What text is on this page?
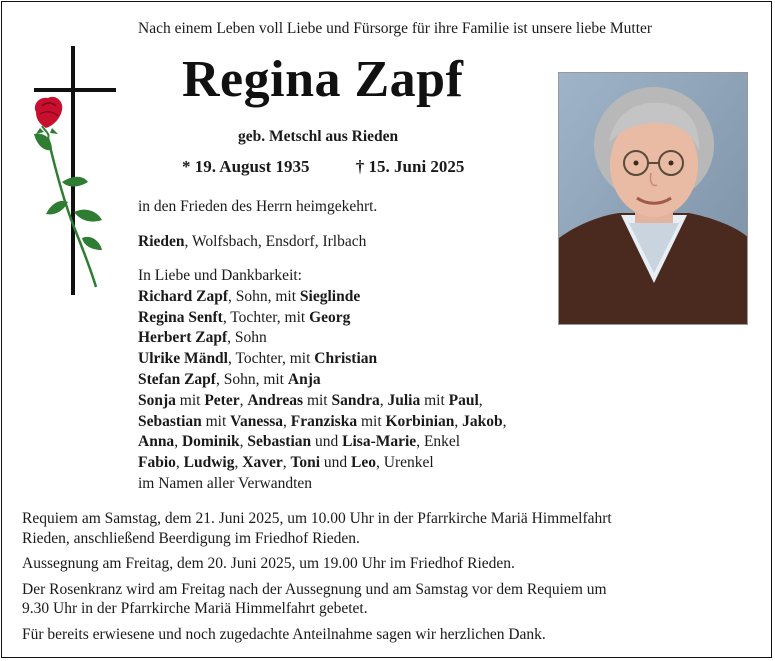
Nach einem Leben voll Liebe und Fürsorge für ihre Familie ist unsere liebe Mutter
Regina Zapf
geb. Metschl aus Rieden
* 19. August 1935	† 15. Juni 2025
in den Frieden des Herrn heimgekehrt.
Rieden, Wolfsbach, Ensdorf, Irlbach
In Liebe und Dankbarkeit:
Richard Zapf, Sohn, mit Sieglinde
Regina Senft, Tochter, mit Georg
Herbert Zapf, Sohn
Ulrike Mändl, Tochter, mit Christian
Stefan Zapf, Sohn, mit Anja
Sonja mit Peter, Andreas mit Sandra, Julia mit Paul,
Sebastian mit Vanessa, Franziska mit Korbinian, Jakob,
Anna, Dominik, Sebastian und Lisa-Marie, Enkel
Fabio, Ludwig, Xaver, Toni und Leo, Urenkel
im Namen aller Verwandten

Requiem am Samstag, dem 21. Juni 2025, um 10.00 Uhr in der Pfarrkirche Mariä Himmelfahrt

Rieden, anschließend Beerdigung im Friedhof Rieden.

Aussegnung am Freitag, dem 20. Juni 2025, um 19.00 Uhr im Friedhof Rieden.

Der Rosenkranz wird am Freitag nach der Aussegnung und am Samstag vor dem Requiem um

9.30 Uhr in der Pfarrkirche Mariä Himmelfahrt gebetet.

Für bereits erwiesene und noch zugedachte Anteilnahme sagen wir herzlichen Dank.
